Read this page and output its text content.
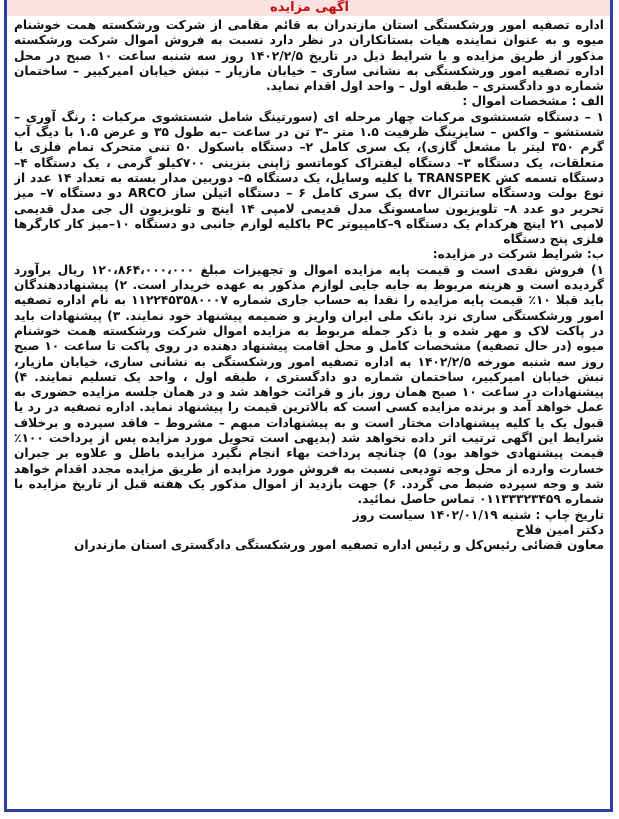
آگهی مزایده

اداره تصفیه امور ورشکستگی استان مازندران به قائم مقامی از شرکت ورشکسته همت خوشنام میوه و به عنوان نماینده هیات بستانکاران در نظر دارد نسبت به فروش اموال شرکت ورشکسته مذکور از طریق مزایده و با شرایط ذیل در تاریخ ۱۴۰۲/۲/۵ روز سه شنبه ساعت ۱۰ صبح در محل اداره تصفیه امور ورشکستگی به نشانی ساری – خیابان مازیار – نبش خیابان امیرکبیر – ساختمان شماره دو دادگستری – طبقه اول – واحد اول اقدام نماید.

الف : مشخصات اموال :

۱ – دستگاه شستشوی مرکبات چهار مرحله ای (سورتینگ شامل شستشوی مرکبات : رنگ آوری – شستشو – واکس – سایزینگ ظرفیت ۱.۵ متر –۳ تن در ساعت –به طول ۳۵ و عرض ۱.۵ با دیگ آب گرم ۳۵۰ لیتر با مشعل گازی)، یک سری کامل ۲– دستگاه باسکول ۵۰ تنی متحرک تمام فلزی با متعلقات، یک دستگاه ۳– دستگاه لیفتراک کوماتسو ژاپنی بنزینی ۷۰۰کیلو گرمی ، یک دستگاه ۴– دستگاه تسمه کش TRANSPEK با کلیه وسایل، یک دستگاه ۵– دوربین مدار بسته به تعداد ۱۴ عدد از نوع بولت ودستگاه ساتترال dvr یک سری کامل ۶ – دستگاه اتیلن ساز ARCO دو دستگاه ۷– میز تحریر دو عدد ۸– تلویزیون سامسونگ مدل قدیمی لامپی ۱۴ اینچ و تلویزیون ال جی مدل قدیمی لامپی ۲۱ اینچ هرکدام یک دستگاه ۹–کامپیوتر PC باکلیه لوازم جانبی دو دستگاه ۱۰–میز کار کارگرها فلزی پنج دستگاه

ب: شرایط شرکت در مزایده:

۱) فروش نقدی است و قیمت پایه مزایده اموال و تجهیزات مبلغ ۱۲۰،۸۶۴،۰۰۰،۰۰۰ ریال برآورد گردیده است و هزینه مربوط به جابه جایی لوازم مذکور به عهده خریدار است. ۲) پیشنهاددهندگان باید قبلا ۱۰٪ قیمت پایه مزایده را نقدا به حساب جاری شماره ۱۱۲۲۴۵۳۵۸۰۰۰۷ به نام اداره تصفیه امور ورشکستگی ساری نزد بانک ملی ایران واریز و ضمیمه پیشنهاد خود نمایند. ۳) پیشنهادات باید در پاکت لاک و مهر شده و با ذکر جمله مربوط به مزایده اموال شرکت ورشکسته همت خوشنام میوه (در حال تصفیه) مشخصات کامل و محل اقامت پیشنهاد دهنده در روی پاکت تا ساعت ۱۰ صبح روز سه شنبه مورخه ۱۴۰۲/۲/۵ به اداره تصفیه امور ورشکستگی به نشانی ساری، خیابان مازیار، نبش خیابان امیرکبیر، ساختمان شماره دو دادگستری ، طبقه اول ، واحد یک تسلیم نمایند. ۴) پیشنهادات در ساعت ۱۰ صبح همان روز باز و قرائت خواهد شد و در همان جلسه مزایده حضوری به عمل خواهد آمد و برنده مزایده کسی است که بالاترین قیمت را پیشنهاد نماید. اداره تصفیه در رد یا قبول یک یا کلیه پیشنهادات مختار است و به پیشنهادات مبهم – مشروط – فاقد سپرده و برخلاف شرایط این اگهی ترتیب اثر داده نخواهد شد (بدیهی است تحویل مورد مزایده پس از پرداخت ۱۰۰٪ قیمت پیشنهادی خواهد بود) ۵) چنانچه پرداخت بهاء انجام نگیرد مزایده باطل و علاوه بر جبران خسارت وارده از محل وجه تودیعی نسبت به فروش مورد مزایده از طریق مزایده مجدد اقدام خواهد شد و وجه سپرده ضبط می گردد. ۶) جهت بازدید از اموال مذکور یک هفته قبل از تاریخ مزایده با شماره ۰۱۱۳۳۳۲۳۴۵۹ تماس حاصل نمائید.

تاریخ چاپ : شنبه ۱۴۰۲/۰۱/۱۹ سیاست روز

دکتر امین فلاح

معاون قضائی رئیس‌کل و رئیس اداره تصفیه امور ورشکستگی دادگستری استان مازندران
